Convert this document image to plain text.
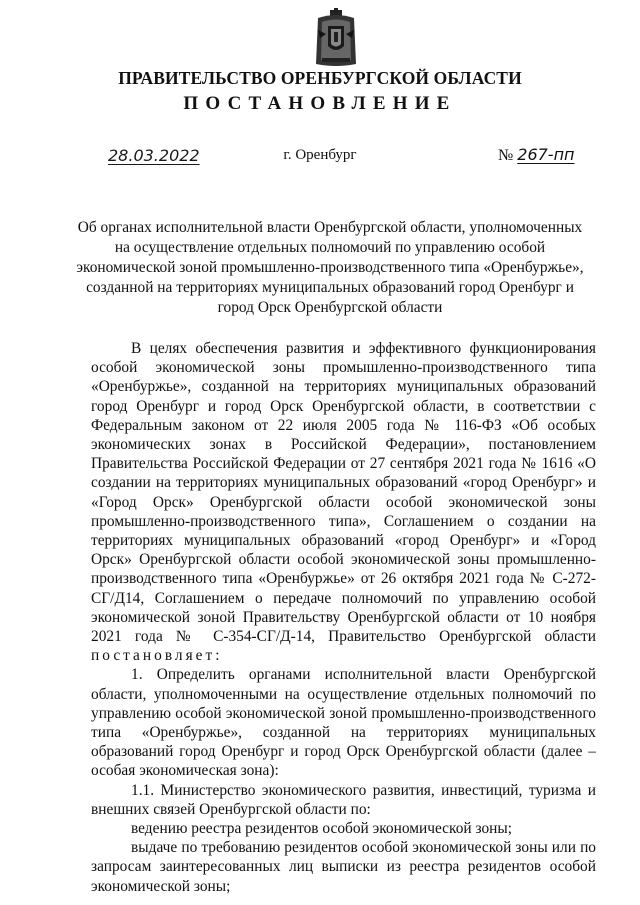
ПРАВИТЕЛЬСТВО ОРЕНБУРГСКОЙ ОБЛАСТИ
ПОСТАНОВЛЕНИЕ
28.03.2022	г. Оренбург	№ 267-пп
Об органах исполнительной власти Оренбургской области, уполномоченных на осуществление отдельных полномочий по управлению особой экономической зоной промышленно-производственного типа «Оренбуржье», созданной на территориях муниципальных образований город Оренбург и город Орск Оренбургской области

В целях обеспечения развития и эффективного функционирования особой экономической зоны промышленно-производственного типа «Оренбуржье», созданной на территориях муниципальных образований город Оренбург и город Орск Оренбургской области, в соответствии с Федеральным законом от 22 июля 2005 года № 116-ФЗ «Об особых экономических зонах в Российской Федерации», постановлением Правительства Российской Федерации от 27 сентября 2021 года № 1616 «О создании на территориях муниципальных образований «город Оренбург» и «Город Орск» Оренбургской области особой экономической зоны промышленно-производственного типа», Соглашением о создании на территориях муниципальных образований «город Оренбург» и «Город Орск» Оренбургской области особой экономической зоны промышленно-производственного типа «Оренбуржье» от 26 октября 2021 года № С-272-СГ/Д14, Соглашением о передаче полномочий по управлению особой экономической зоной Правительству Оренбургской области от 10 ноября 2021 года № С-354-СГ/Д-14, Правительство Оренбургской области постановляет:

1. Определить органами исполнительной власти Оренбургской области, уполномоченными на осуществление отдельных полномочий по управлению особой экономической зоной промышленно-производственного типа «Оренбуржье», созданной на территориях муниципальных образований город Оренбург и город Орск Оренбургской области (далее – особая экономическая зона):

1.1. Министерство экономического развития, инвестиций, туризма и внешних связей Оренбургской области по:

ведению реестра резидентов особой экономической зоны;

выдаче по требованию резидентов особой экономической зоны или по запросам заинтересованных лиц выписки из реестра резидентов особой экономической зоны;
